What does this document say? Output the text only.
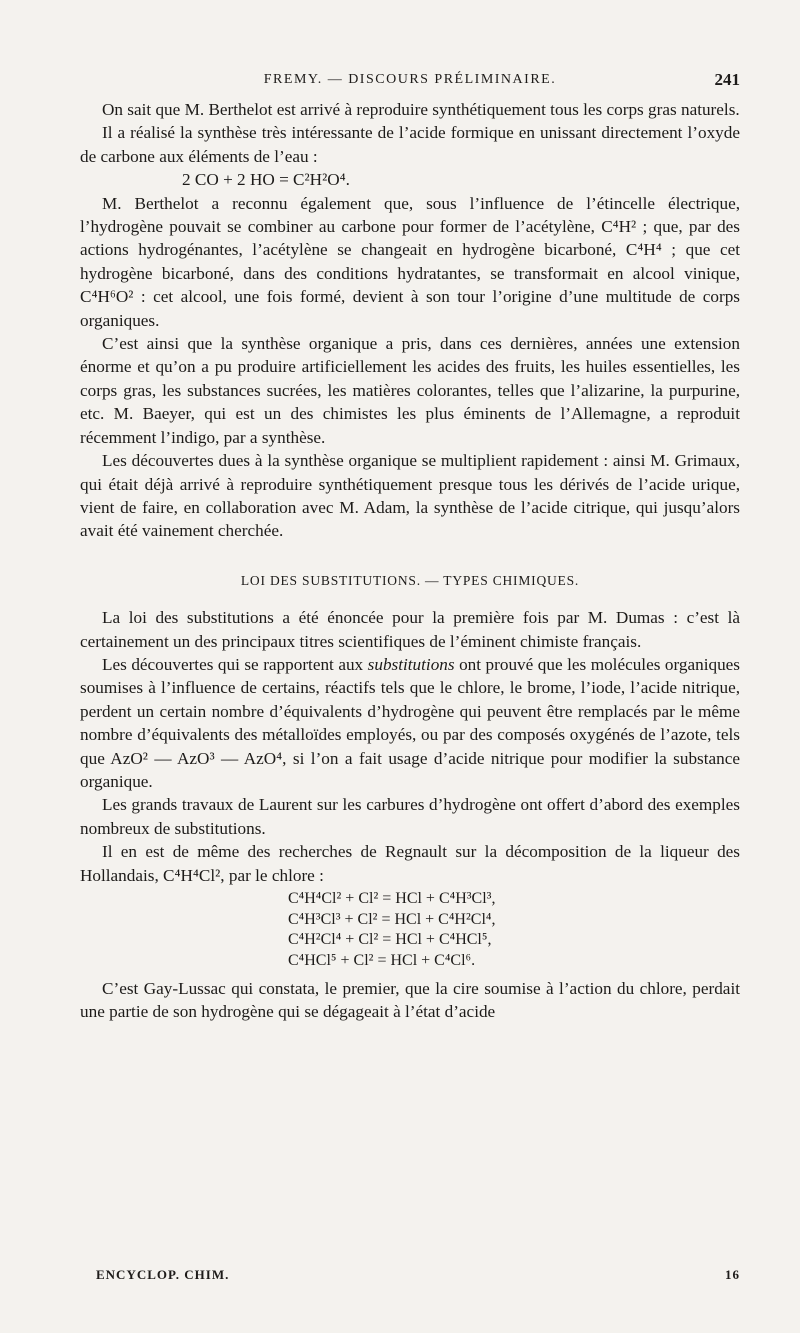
FREMY. — DISCOURS PRÉLIMINAIRE.	241

On sait que M. Berthelot est arrivé à reproduire synthétiquement tous les corps gras naturels.

Il a réalisé la synthèse très intéressante de l’acide formique en unissant directement l’oxyde de carbone aux éléments de l’eau :

2 CO + 2 HO = C²H²O⁴.

M. Berthelot a reconnu également que, sous l’influence de l’étincelle électrique, l’hydrogène pouvait se combiner au carbone pour former de l’acétylène, C⁴H² ; que, par des actions hydrogénantes, l’acétylène se changeait en hydrogène bicarboné, C⁴H⁴ ; que cet hydrogène bicarboné, dans des conditions hydratantes, se transformait en alcool vinique, C⁴H⁶O² : cet alcool, une fois formé, devient à son tour l’origine d’une multitude de corps organiques.

C’est ainsi que la synthèse organique a pris, dans ces dernières, années une extension énorme et qu’on a pu produire artificiellement les acides des fruits, les huiles essentielles, les corps gras, les substances sucrées, les matières colorantes, telles que l’alizarine, la purpurine, etc. M. Baeyer, qui est un des chimistes les plus éminents de l’Allemagne, a reproduit récemment l’indigo, par a synthèse.

Les découvertes dues à la synthèse organique se multiplient rapidement : ainsi M. Grimaux, qui était déjà arrivé à reproduire synthétiquement presque tous les dérivés de l’acide urique, vient de faire, en collaboration avec M. Adam, la synthèse de l’acide citrique, qui jusqu’alors avait été vainement cherchée.

LOI DES SUBSTITUTIONS. — TYPES CHIMIQUES.

La loi des substitutions a été énoncée pour la première fois par M. Dumas : c’est là certainement un des principaux titres scientifiques de l’éminent chimiste français.

Les découvertes qui se rapportent aux substitutions ont prouvé que les molécules organiques soumises à l’influence de certains, réactifs tels que le chlore, le brome, l’iode, l’acide nitrique, perdent un certain nombre d’équivalents d’hydrogène qui peuvent être remplacés par le même nombre d’équivalents des métalloïdes employés, ou par des composés oxygénés de l’azote, tels que AzO² — AzO³ — AzO⁴, si l’on a fait usage d’acide nitrique pour modifier la substance organique.

Les grands travaux de Laurent sur les carbures d’hydrogène ont offert d’abord des exemples nombreux de substitutions.

Il en est de même des recherches de Regnault sur la décomposition de la liqueur des Hollandais, C⁴H⁴Cl², par le chlore :

C⁴H⁴Cl² + Cl² = HCl + C⁴H³Cl³,
C⁴H³Cl³ + Cl² = HCl + C⁴H²Cl⁴,
C⁴H²Cl⁴ + Cl² = HCl + C⁴HCl⁵,
C⁴HCl⁵ + Cl² = HCl + C⁴Cl⁶.

C’est Gay-Lussac qui constata, le premier, que la cire soumise à l’action du chlore, perdait une partie de son hydrogène qui se dégageait à l’état d’acide

ENCYCLOP. CHIM.	16
